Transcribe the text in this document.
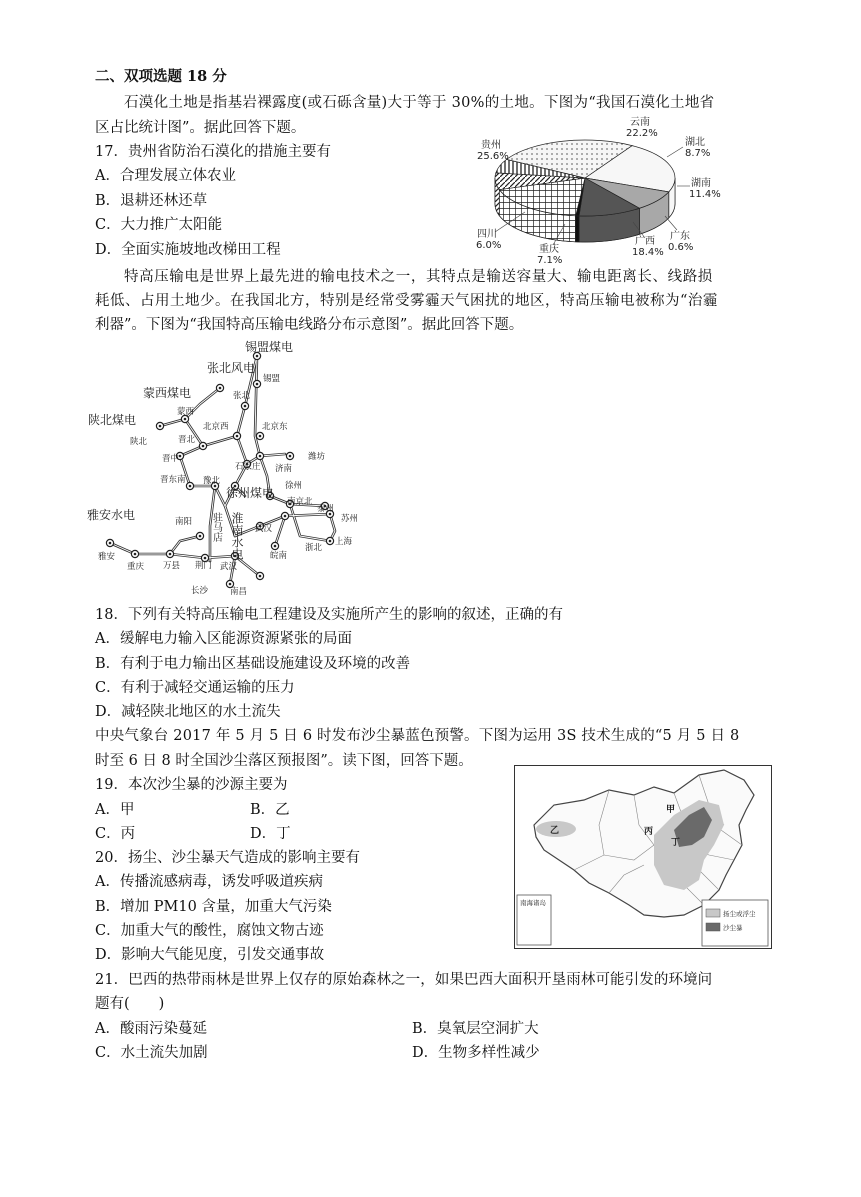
二、双项选题 18 分
石漠化土地是指基岩裸露度(或石砾含量)大于等于 30%的土地。下图为“我国石漠化土地省
区占比统计图”。据此回答下题。
17．贵州省防治石漠化的措施主要有
A．合理发展立体农业
B．退耕还林还草
C．大力推广太阳能
D．全面实施坡地改梯田工程
云南
22.2%
湖北
8.7%
湖南
11.4%
广东
0.6%
广西
18.4%
重庆
7.1%
四川
6.0%
贵州
25.6%
特高压输电是世界上最先进的输电技术之一，其特点是输送容量大、输电距离长、线路损
耗低、占用土地少。在我国北方，特别是经常受雾霾天气困扰的地区，特高压输电被称为“治霾
利器”。下图为“我国特高压输电线路分布示意图”。据此回答下题。
锡盟煤电
锡盟
张北风电
张北
蒙西煤电
蒙西
陕北煤电
陕北
北京西	北京东
潍坊
晋北
晋中
石家庄 济南
晋东南 豫北	徐州
徐州煤电
南京北
泰州
苏州
雅安水电	南阳 驻马店 淮南水电 武汉
上海
皖南
浙北
雅安
重庆 万县 荆门 武汉
长沙	南昌
18．下列有关特高压输电工程建设及实施所产生的影响的叙述，正确的有
A．缓解电力输入区能源资源紧张的局面
B．有利于电力输出区基础设施建设及环境的改善
C．有利于减轻交通运输的压力
D．减轻陕北地区的水土流失
中央气象台 2017 年 5 月 5 日 6 时发布沙尘暴蓝色预警。下图为运用 3S 技术生成的“5 月 5 日 8
时至 6 日 8 时全国沙尘落区预报图”。读下图，回答下题。
19．本次沙尘暴的沙源主要为
A．甲	B．乙
C．丙	D．丁
甲
乙	丙
丁
南海诸岛
扬尘或浮尘
沙尘暴
20．扬尘、沙尘暴天气造成的影响主要有
A．传播流感病毒，诱发呼吸道疾病
B．增加 PM10 含量，加重大气污染
C．加重大气的酸性，腐蚀文物古迹
D．影响大气能见度，引发交通事故
21．巴西的热带雨林是世界上仅存的原始森林之一，如果巴西大面积开垦雨林可能引发的环境问
题有(　　)
A．酸雨污染蔓延	B．臭氧层空洞扩大
C．水土流失加剧	D．生物多样性减少
